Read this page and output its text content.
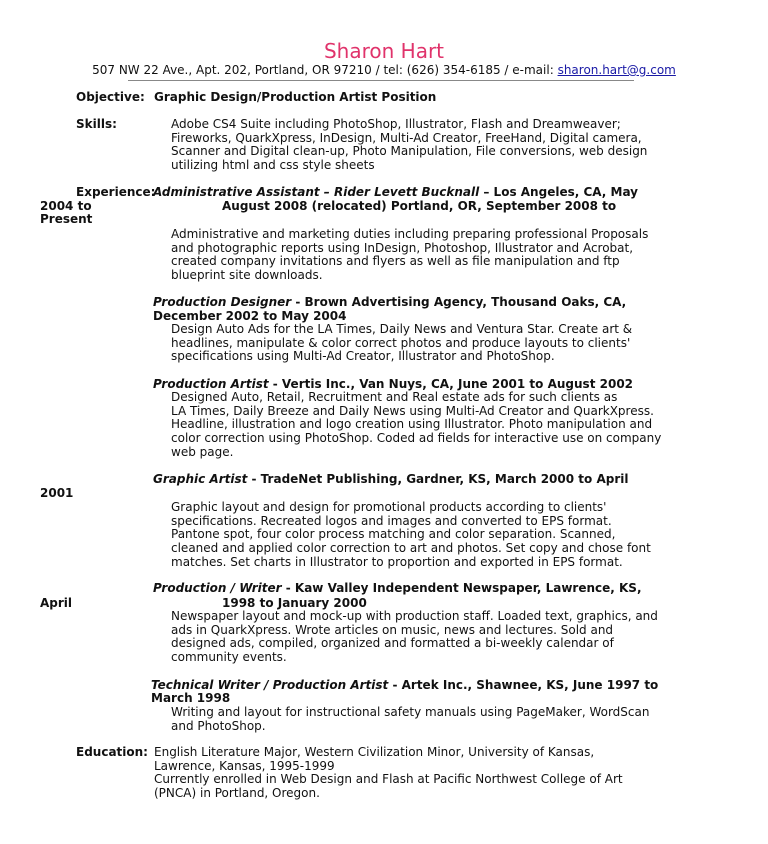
Sharon Hart
507 NW 22 Ave., Apt. 202, Portland, OR 97210 / tel: (626) 354-6185 / e-mail: sharon.hart@g.com
Objective: Graphic Design/Production Artist Position
Skills:	Adobe CS4 Suite including PhotoShop, Illustrator, Flash and Dreamweaver;
Fireworks, QuarkXpress, InDesign, Multi-Ad Creator, FreeHand, Digital camera,
Scanner and Digital clean-up, Photo Manipulation, File conversions, web design
utilizing html and css style sheets
Experience:
Administrative Assistant – Rider Levett Bucknall – Los Angeles, CA, May
2004 to	August 2008 (relocated) Portland, OR, September 2008 to
Present
Administrative and marketing duties including preparing professional Proposals
and photographic reports using InDesign, Photoshop, Illustrator and Acrobat,
created company invitations and flyers as well as file manipulation and ftp
blueprint site downloads.
Production Designer - Brown Advertising Agency, Thousand Oaks, CA,
December 2002 to May 2004
Design Auto Ads for the LA Times, Daily News and Ventura Star. Create art &
headlines, manipulate & color correct photos and produce layouts to clients'
specifications using Multi-Ad Creator, Illustrator and PhotoShop.
Production Artist - Vertis Inc., Van Nuys, CA, June 2001 to August 2002
Designed Auto, Retail, Recruitment and Real estate ads for such clients as
LA Times, Daily Breeze and Daily News using Multi-Ad Creator and QuarkXpress.
Headline, illustration and logo creation using Illustrator. Photo manipulation and
color correction using PhotoShop. Coded ad fields for interactive use on company
web page.
Graphic Artist - TradeNet Publishing, Gardner, KS, March 2000 to April
2001
Graphic layout and design for promotional products according to clients'
specifications. Recreated logos and images and converted to EPS format.
Pantone spot, four color process matching and color separation. Scanned,
cleaned and applied color correction to art and photos. Set copy and chose font
matches. Set charts in Illustrator to proportion and exported in EPS format.
Production / Writer - Kaw Valley Independent Newspaper, Lawrence, KS,
April	1998 to January 2000
Newspaper layout and mock-up with production staff. Loaded text, graphics, and
ads in QuarkXpress. Wrote articles on music, news and lectures. Sold and
designed ads, compiled, organized and formatted a bi-weekly calendar of
community events.
Technical Writer / Production Artist - Artek Inc., Shawnee, KS, June 1997 to
March 1998
Writing and layout for instructional safety manuals using PageMaker, WordScan
and PhotoShop.
Education: English Literature Major, Western Civilization Minor, University of Kansas,
Lawrence, Kansas, 1995-1999
Currently enrolled in Web Design and Flash at Pacific Northwest College of Art
(PNCA) in Portland, Oregon.
